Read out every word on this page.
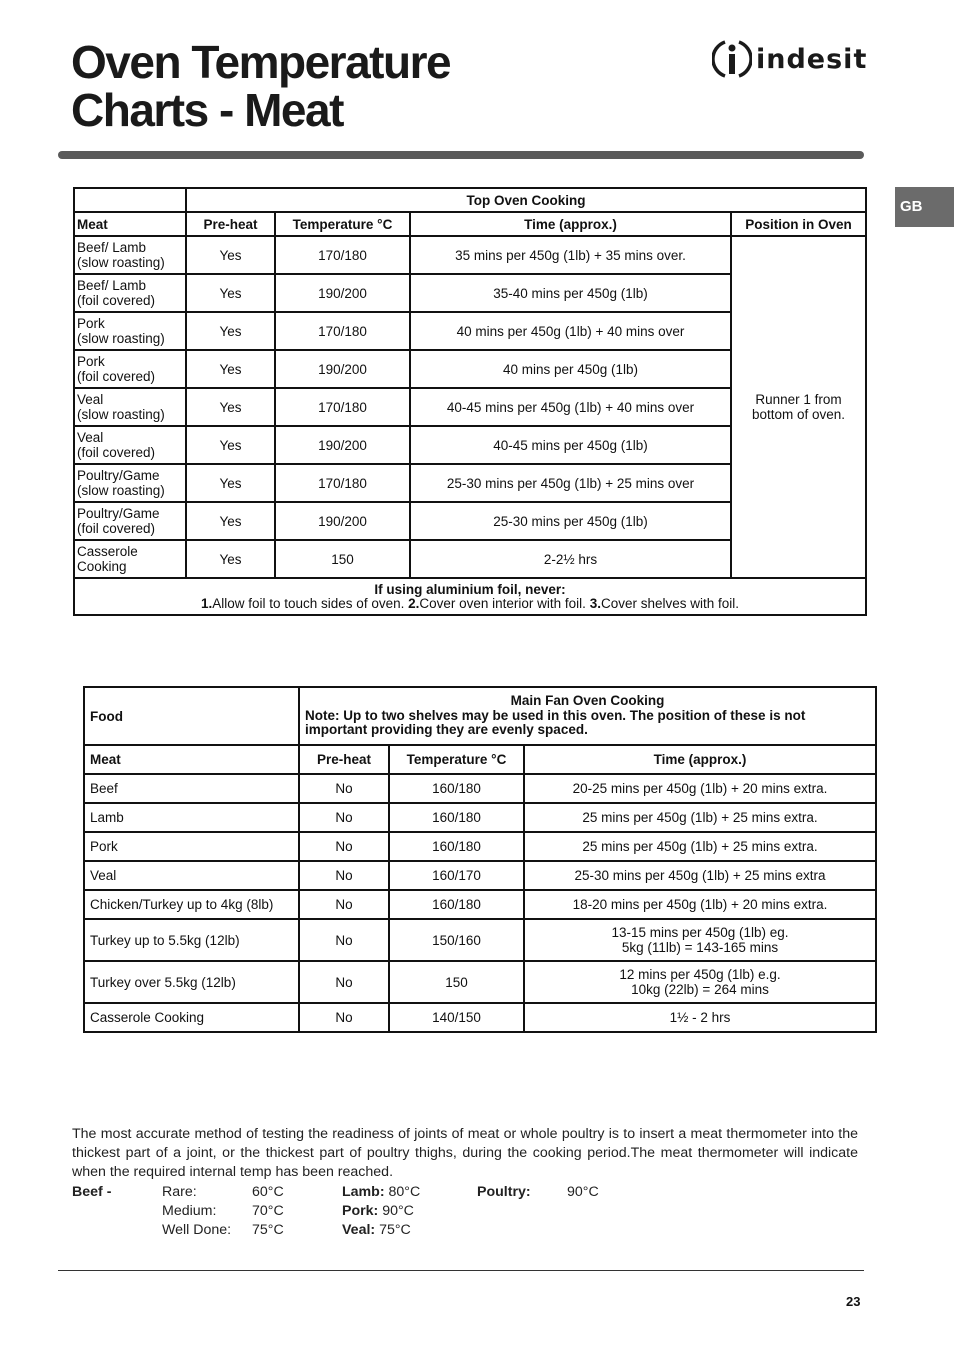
Oven Temperature
Charts - Meat
indesit
GB
	Top Oven Cooking			
Meat	Pre-heat	Temperature °C	Time (approx.)	Position in Oven
Beef/ Lamb
(slow roasting)	Yes	170/180	35 mins per 450g (1lb) + 35 mins over.	Runner 1 from bottom of oven.
Beef/ Lamb
(foil covered)	Yes	190/200	35-40 mins per 450g (1lb)	
Pork
(slow roasting)	Yes	170/180	40 mins per 450g (1lb) + 40 mins over	
Pork
(foil covered)	Yes	190/200	40 mins per 450g (1lb)	
Veal
(slow roasting)	Yes	170/180	40-45 mins per 450g (1lb) + 40 mins over	
Veal
(foil covered)	Yes	190/200	40-45 mins per 450g (1lb)	
Poultry/Game
(slow roasting)	Yes	170/180	25-30 mins per 450g (1lb) + 25 mins over	
Poultry/Game
(foil covered)	Yes	190/200	25-30 mins per 450g (1lb)	
Casserole
Cooking	Yes	150	2-2½ hrs	
If using aluminium foil, never:
1.Allow foil to touch sides of oven. 2.Cover oven interior with foil. 3.Cover shelves with foil.				
Food	Main Fan Oven Cooking
Note: Up to two shelves may be used in this oven. The position of these is not important providing they are evenly spaced.		

Meat	Pre-heat	Temperature °C	Time (approx.)
Beef	No	160/180	20-25 mins per 450g (1lb) + 20 mins extra.
Lamb	No	160/180	25 mins per 450g (1lb) + 25 mins extra.
Pork	No	160/180	25 mins per 450g (1lb) + 25 mins extra.
Veal	No	160/170	25-30 mins per 450g (1lb) + 25 mins extra
Chicken/Turkey up to 4kg (8lb)	No	160/180	18-20 mins per 450g (1lb) + 20 mins extra.
Turkey up to 5.5kg (12lb)	No	150/160	13-15 mins per 450g (1lb) eg.
5kg (11lb) = 143-165 mins
Turkey over 5.5kg (12lb)	No	150	12 mins per 450g (1lb) e.g.
10kg (22lb) = 264 mins
Casserole Cooking	No	140/150	1½ - 2 hrs

The most accurate method of testing the readiness of joints of meat or whole poultry is to insert a meat thermometer into the thickest part of a joint, or the thickest part of poultry thighs, during the cooking period.The meat thermometer will indicate when the required internal temp has been reached.

Beef -	Rare:	60°C
Medium:	70°C
Well Done: 75°C
Lamb: 80°C
Pork: 90°C
Veal: 75°C
Poultry:	90°C
23
